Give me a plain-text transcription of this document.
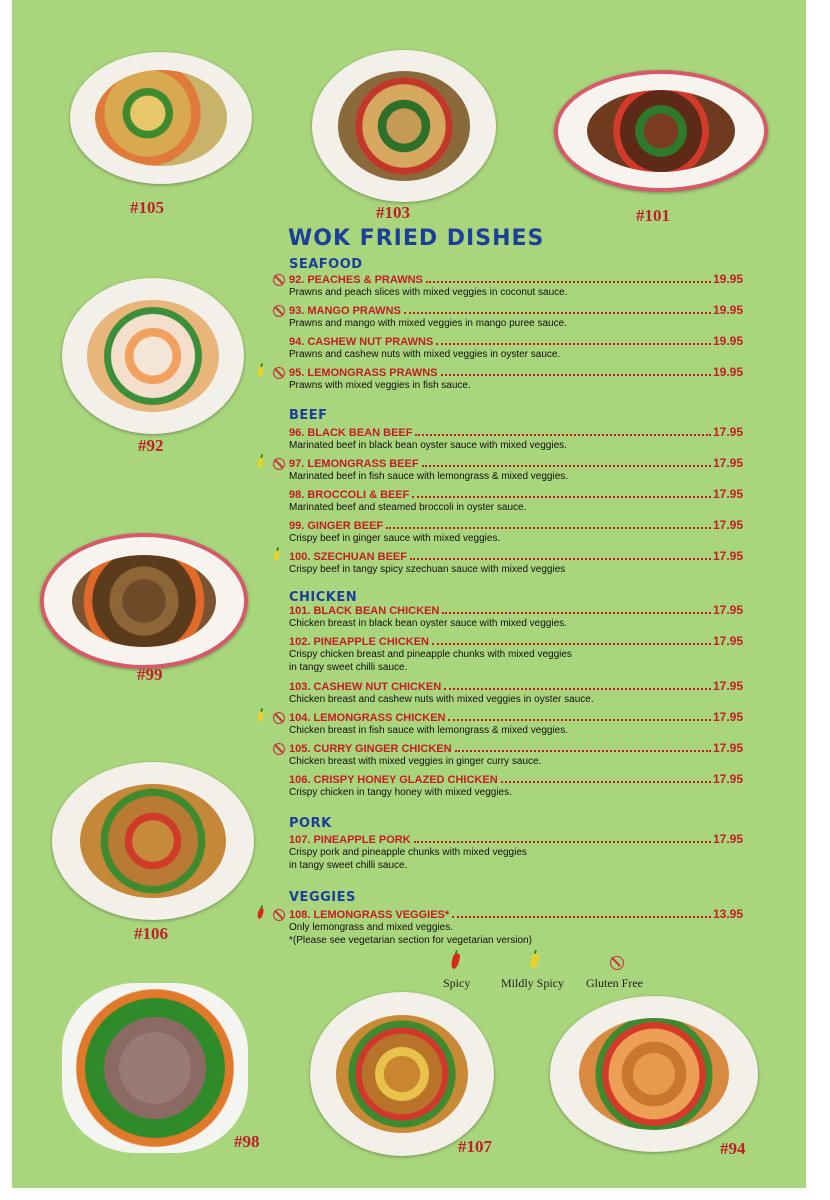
#105	#103	#101
#92
#99
#106
#98	#107	#94
WOK FRIED DISHES
SEAFOOD
BEEF
CHICKEN
PORK
VEGGIES
92. PEACHES & PRAWNS	19.95
Prawns and peach slices with mixed veggies in coconut sauce.
93. MANGO PRAWNS	19.95
Prawns and mango with mixed veggies in mango puree sauce.
94. CASHEW NUT PRAWNS	19.95
Prawns and cashew nuts with mixed veggies in oyster sauce.
95. LEMONGRASS PRAWNS	19.95
Prawns with mixed veggies in fish sauce.
96. BLACK BEAN BEEF	17.95
Marinated beef in black bean oyster sauce with mixed veggies.
97. LEMONGRASS BEEF	17.95
Marinated beef in fish sauce with lemongrass & mixed veggies.
98. BROCCOLI & BEEF	17.95
Marinated beef and steamed broccoli in oyster sauce.
99. GINGER BEEF	17.95
Crispy beef in ginger sauce with mixed veggies.
100. SZECHUAN BEEF	17.95
Crispy beef in tangy spicy szechuan sauce with mixed veggies
101. BLACK BEAN CHICKEN	17.95
Chicken breast in black bean oyster sauce with mixed veggies.
102. PINEAPPLE CHICKEN	17.95
Crispy chicken breast and pineapple chunks with mixed veggies
in tangy sweet chilli sauce.
103. CASHEW NUT CHICKEN	17.95
Chicken breast and cashew nuts with mixed veggies in oyster sauce.
104. LEMONGRASS CHICKEN	17.95
Chicken breast in fish sauce with lemongrass & mixed veggies.
105. CURRY GINGER CHICKEN	17.95
Chicken breast with mixed veggies in ginger curry sauce.
106. CRISPY HONEY GLAZED CHICKEN	17.95
Crispy chicken in tangy honey with mixed veggies.
107. PINEAPPLE PORK	17.95
Crispy pork and pineapple chunks with mixed veggies
in tangy sweet chilli sauce.
108. LEMONGRASS VEGGIES*	13.95
Only lemongrass and mixed veggies.
*(Please see vegetarian section for vegetarian version)
Spicy	Mildly Spicy Gluten Free
